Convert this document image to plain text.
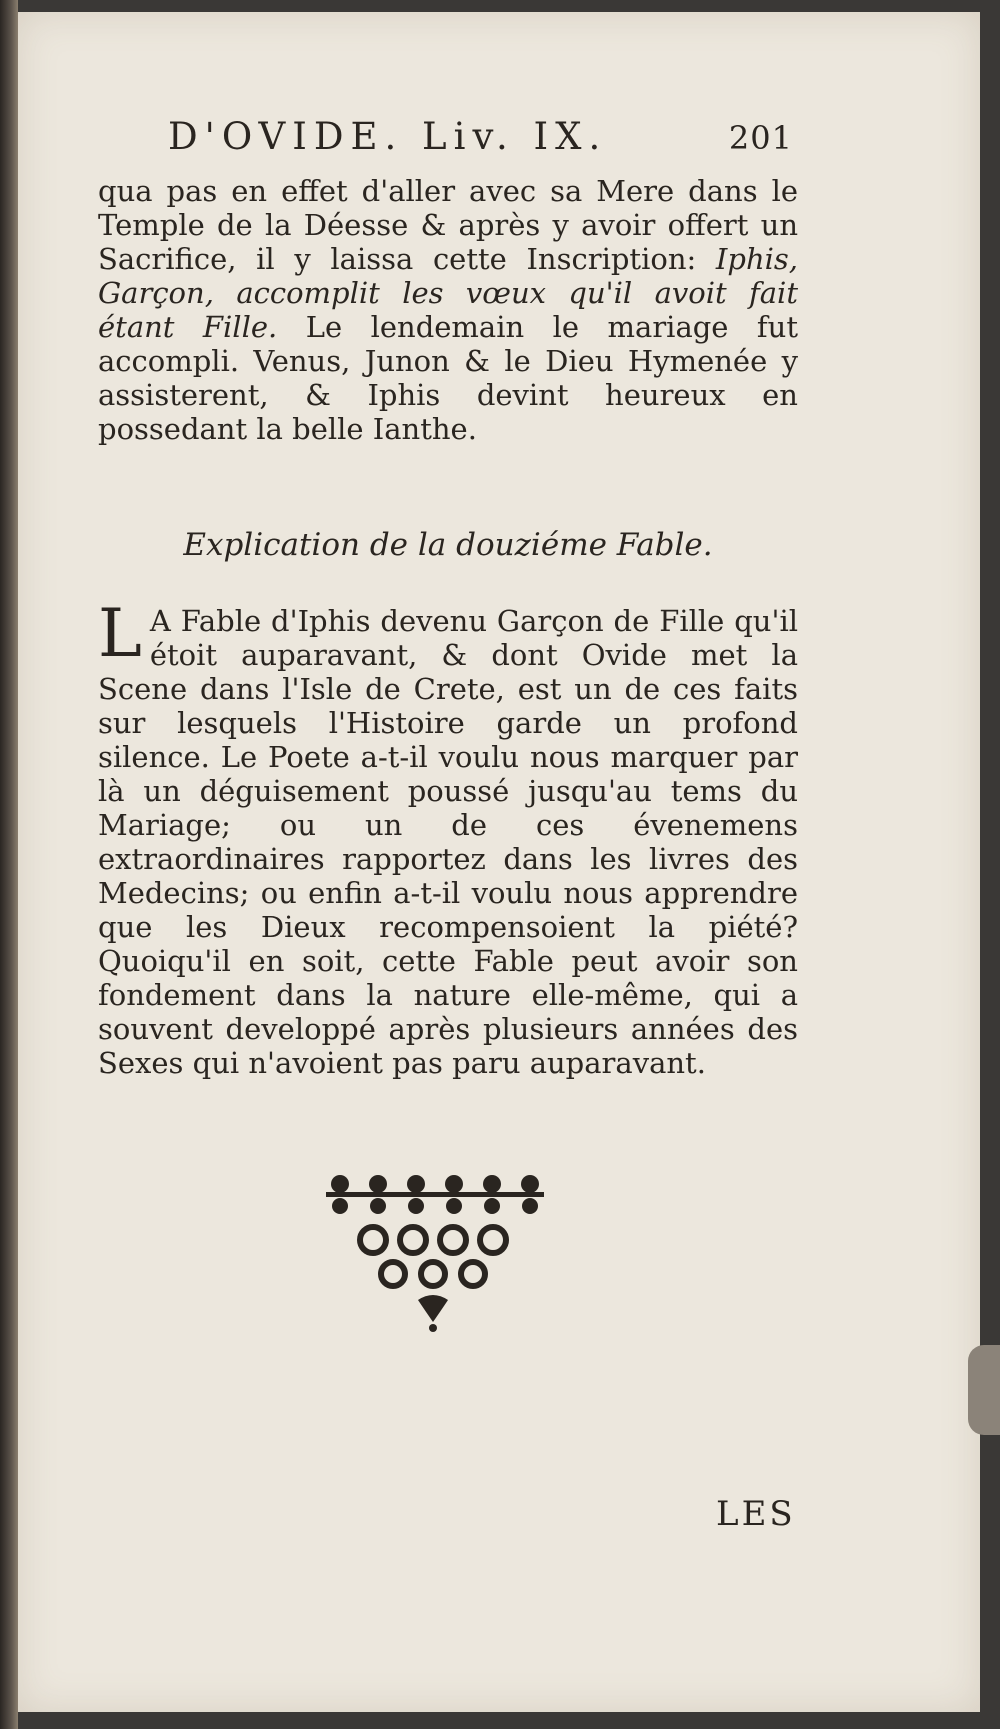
D'OVIDE. Liv. IX.	201

qua pas en effet d'aller avec sa Mere dans le Temple de la Déesse & après y avoir offert un Sacrifice, il y laissa cette Inscription: Iphis, Garçon, accomplit les vœux qu'il avoit fait étant Fille. Le lendemain le mariage fut accompli. Venus, Junon & le Dieu Hymenée y assisterent, & Iphis devint heureux en possedant la belle Ianthe.

Explication de la douziéme Fable.

L A Fable d'Iphis devenu Garçon de Fille qu'il étoit auparavant, & dont Ovide met la Scene dans l'Isle de Crete, est un de ces faits sur lesquels l'Histoire garde un profond silence. Le Poete a-t-il voulu nous marquer par là un déguisement poussé jusqu'au tems du Mariage; ou un de ces évenemens extraordinaires rapportez dans les livres des Medecins; ou enfin a-t-il voulu nous apprendre que les Dieux recompensoient la piété? Quoiqu'il en soit, cette Fable peut avoir son fondement dans la nature elle-même, qui a souvent developpé après plusieurs années des Sexes qui n'avoient pas paru auparavant.

LES
